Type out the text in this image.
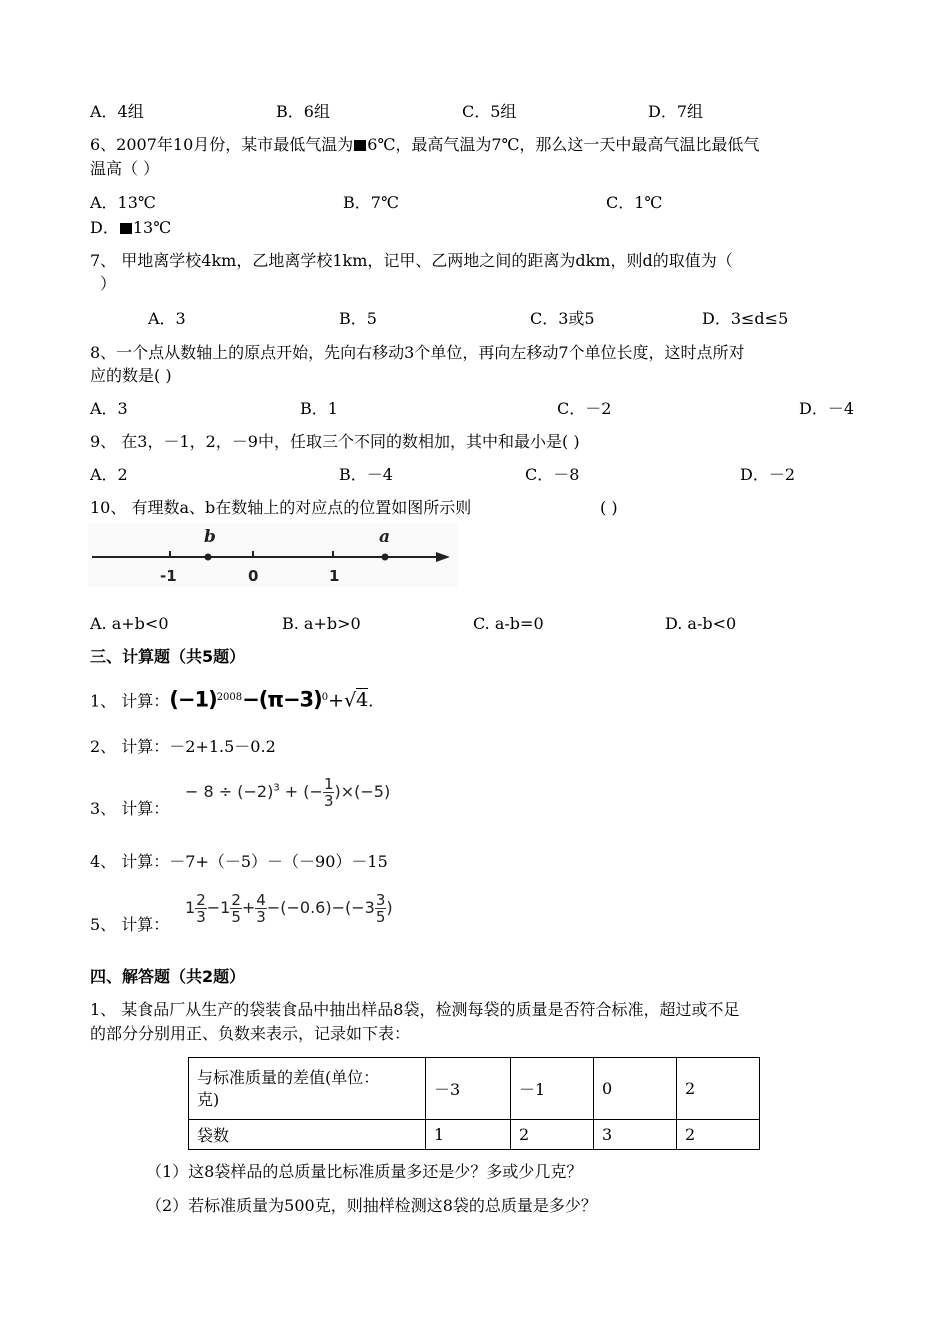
A．4组	B．6组	C．5组	D．7组
6、2007年10月份，某市最低气温为 6℃，最高气温为7℃，那么这一天中最高气温比最低气
温高（ ）
A．13℃	B．7℃	C．1℃
D． 13℃
7、 甲地离学校4km，乙地离学校1km，记甲、乙两地之间的距离为dkm，则d的取值为（
）
A．3	B．5	C．3或5	D．3≤d≤5
8、一个点从数轴上的原点开始，先向右移动3个单位，再向左移动7个单位长度，这时点所对
应的数是( )
A．3	B．1	C．－2	D．－4
9、 在3，－1，2，－9中，任取三个不同的数相加，其中和最小是( )
A．2	B．－4	C．－8	D．－2
10、 有理数a、b在数轴上的对应点的位置如图所示则	( )
b	a
-1	0	1
A. a+b<0	B. a+b>0	C. a-b=0	D. a-b<0
三、计算题（共5题）
1、 计算：$(-1)^{2008}-(\pi-3)^0+√4$.
2、 计算：－2+1.5－0.2
− $8 \div (-2)^3$ + (− $\frac{1}{3} )\times(-5)$
3、 计算：
4、 计算：－7+（－5）－（－90）－15
$1 \frac{2}{3} -1 \frac{2}{5} + \frac{4}{3} -(-0.6)-(-3 \frac{3}{5}$ )
5、 计算：
四、解答题（共2题）
1、 某食品厂从生产的袋装食品中抽出样品8袋，检测每袋的质量是否符合标准，超过或不足
的部分分别用正、负数来表示，记录如下表：
与标准质量的差值(单位：
克)	－3	－1	0	2
袋数	1	2	3	2
（1）这8袋样品的总质量比标准质量多还是少？多或少几克？
（2）若标准质量为500克，则抽样检测这8袋的总质量是多少？
